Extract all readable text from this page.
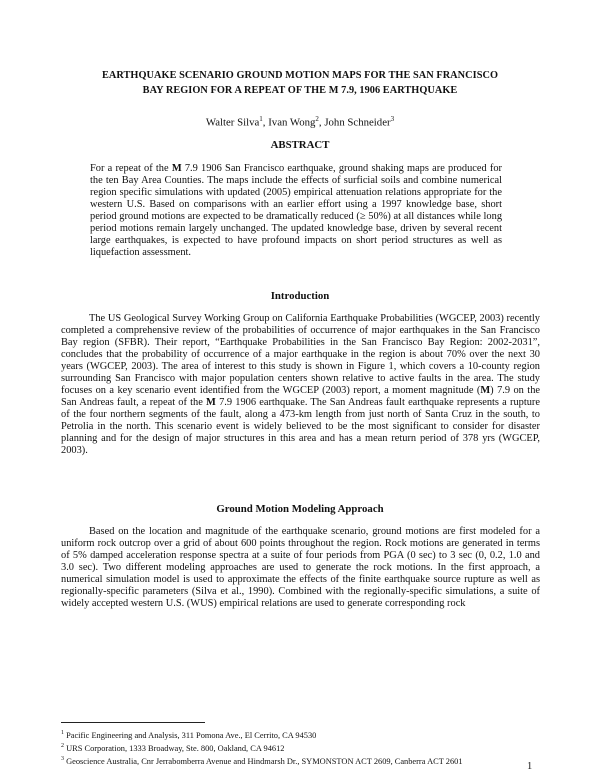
EARTHQUAKE SCENARIO GROUND MOTION MAPS FOR THE SAN FRANCISCO
BAY REGION FOR A REPEAT OF THE M 7.9, 1906 EARTHQUAKE
Walter Silva$^1$, Ivan Wong$^2$, John Schneider$^3$
ABSTRACT
For a repeat of the M 7.9 1906 San Francisco earthquake, ground shaking maps are produced for the ten Bay Area Counties. The maps include the effects of surficial soils and combine numerical region specific simulations with updated (2005) empirical attenuation relations appropriate for the western U.S. Based on comparisons with an earlier effort using a 1997 knowledge base, short period ground motions are expected to be dramatically reduced (≥ 50%) at all distances while long period motions remain largely unchanged. The updated knowledge base, driven by several recent large earthquakes, is expected to have profound impacts on short period structures as well as liquefaction assessment.
Introduction
The US Geological Survey Working Group on California Earthquake Probabilities (WGCEP, 2003) recently completed a comprehensive review of the probabilities of occurrence of major earthquakes in the San Francisco Bay region (SFBR). Their report, “Earthquake Probabilities in the San Francisco Bay Region: 2002-2031”, concludes that the probability of occurrence of a major earthquake in the region is about 70% over the next 30 years (WGCEP, 2003). The area of interest to this study is shown in Figure 1, which covers a 10-county region surrounding San Francisco with major population centers shown relative to active faults in the area. The study focuses on a key scenario event identified from the WGCEP (2003) report, a moment magnitude (M) 7.9 on the San Andreas fault, a repeat of the M 7.9 1906 earthquake. The San Andreas fault earthquake represents a rupture of the four northern segments of the fault, along a 473-km length from just north of Santa Cruz in the south, to Petrolia in the north. This scenario event is widely believed to be the most significant to consider for disaster planning and for the design of major structures in this area and has a mean return period of 378 yrs (WGCEP, 2003).
Ground Motion Modeling Approach
Based on the location and magnitude of the earthquake scenario, ground motions are first modeled for a uniform rock outcrop over a grid of about 600 points throughout the region. Rock motions are generated in terms of 5% damped acceleration response spectra at a suite of four periods from PGA (0 sec) to 3 sec (0, 0.2, 1.0 and 3.0 sec). Two different modeling approaches are used to generate the rock motions. In the first approach, a numerical simulation model is used to approximate the effects of the finite earthquake source rupture as well as regionally-specific parameters (Silva et al., 1990). Combined with the regionally-specific simulations, a suite of widely accepted western U.S. (WUS) empirical relations are used to generate corresponding rock
$^1$ Pacific Engineering and Analysis, 311 Pomona Ave., El Cerrito, CA 94530
$^2$ URS Corporation, 1333 Broadway, Ste. 800, Oakland, CA 94612
$^3$ Geoscience Australia, Cnr Jerrabomberra Avenue and Hindmarsh Dr., SYMONSTON ACT 2609, Canberra ACT 2601	1
